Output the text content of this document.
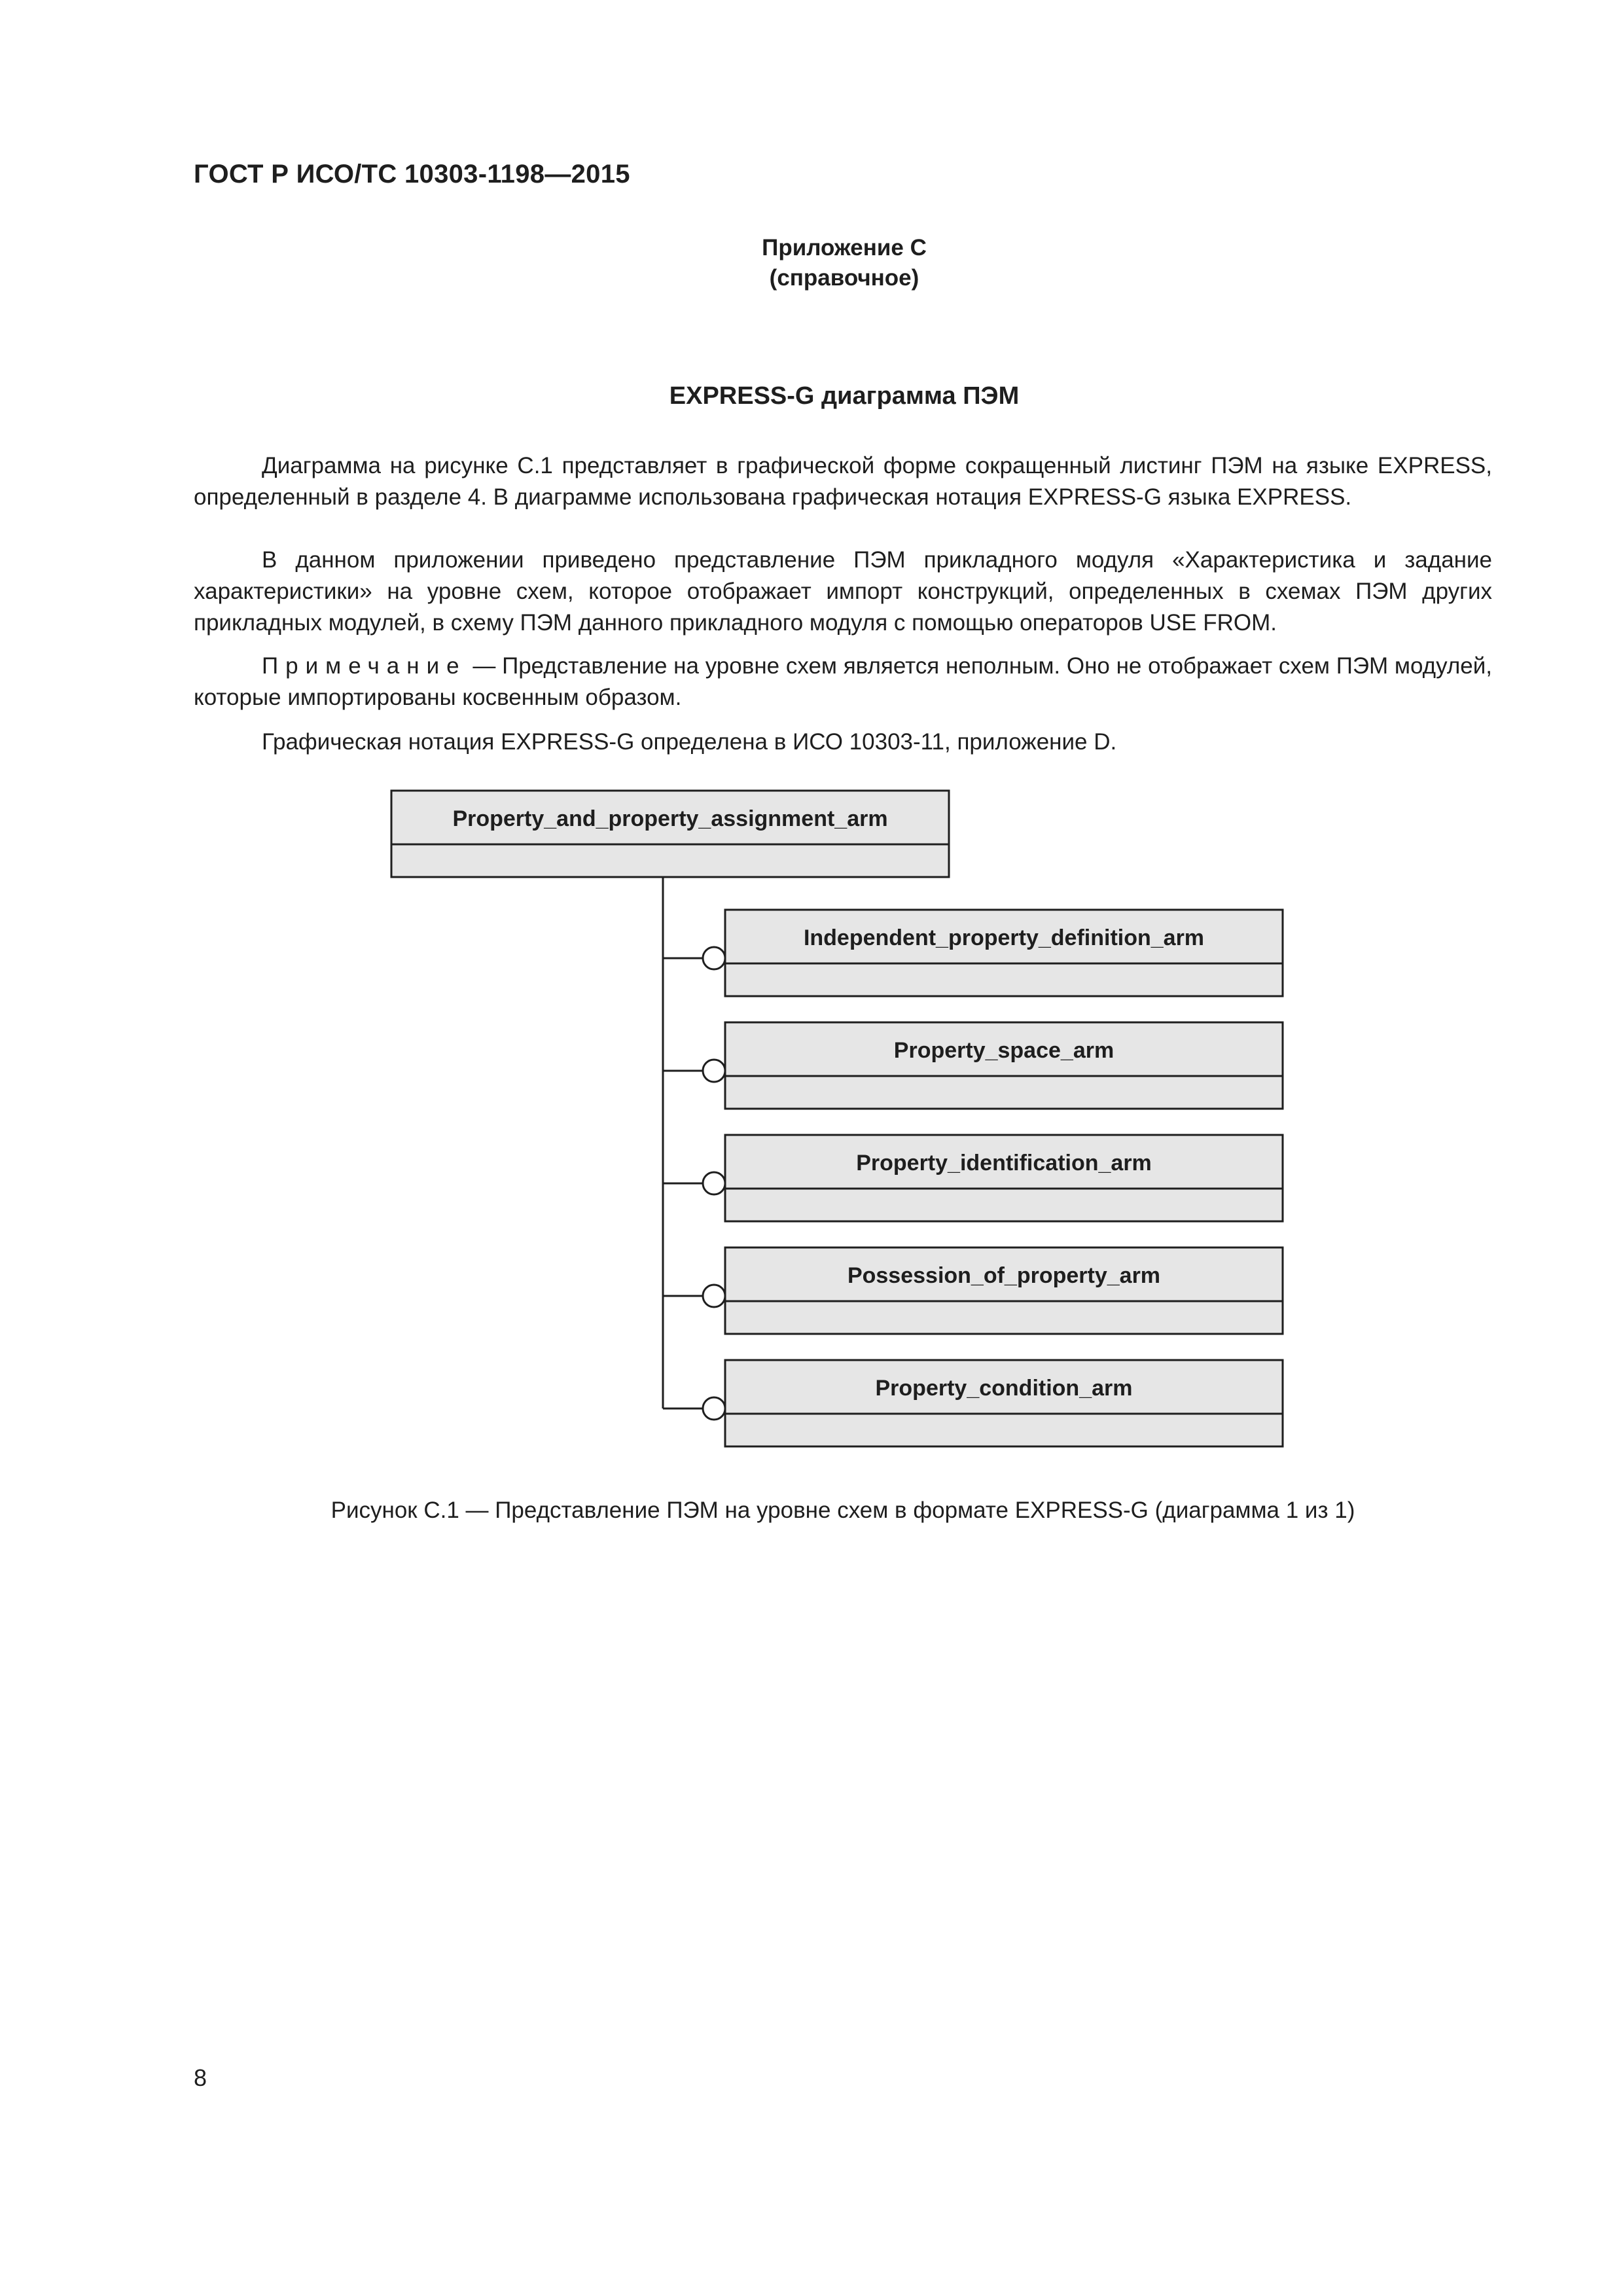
ГОСТ Р ИСО/ТС 10303-1198—2015

Приложение С

(справочное)

EXPRESS-G диаграмма ПЭМ

Диаграмма на рисунке С.1 представляет в графической форме сокращенный листинг ПЭМ на языке EXPRESS, определенный в разделе 4. В диаграмме использована графическая нотация EXPRESS-G языка EXPRESS.

В данном приложении приведено представление ПЭМ прикладного модуля «Характеристика и задание характеристики» на уровне схем, которое отображает импорт конструкций, определенных в схемах ПЭМ других прикладных модулей, в схему ПЭМ данного прикладного модуля с помощью операторов USE FROM.

Примечание — Представление на уровне схем является неполным. Оно не отображает схем ПЭМ модулей, которые импортированы косвенным образом.

Графическая нотация EXPRESS-G определена в ИСО 10303-11, приложение D.

Property_and_property_assignment_arm
Independent_property_definition_arm
Property_space_arm
Property_identification_arm
Possession_of_property_arm
Property_condition_arm

Рисунок С.1 — Представление ПЭМ на уровне схем в формате EXPRESS-G (диаграмма 1 из 1)

8
